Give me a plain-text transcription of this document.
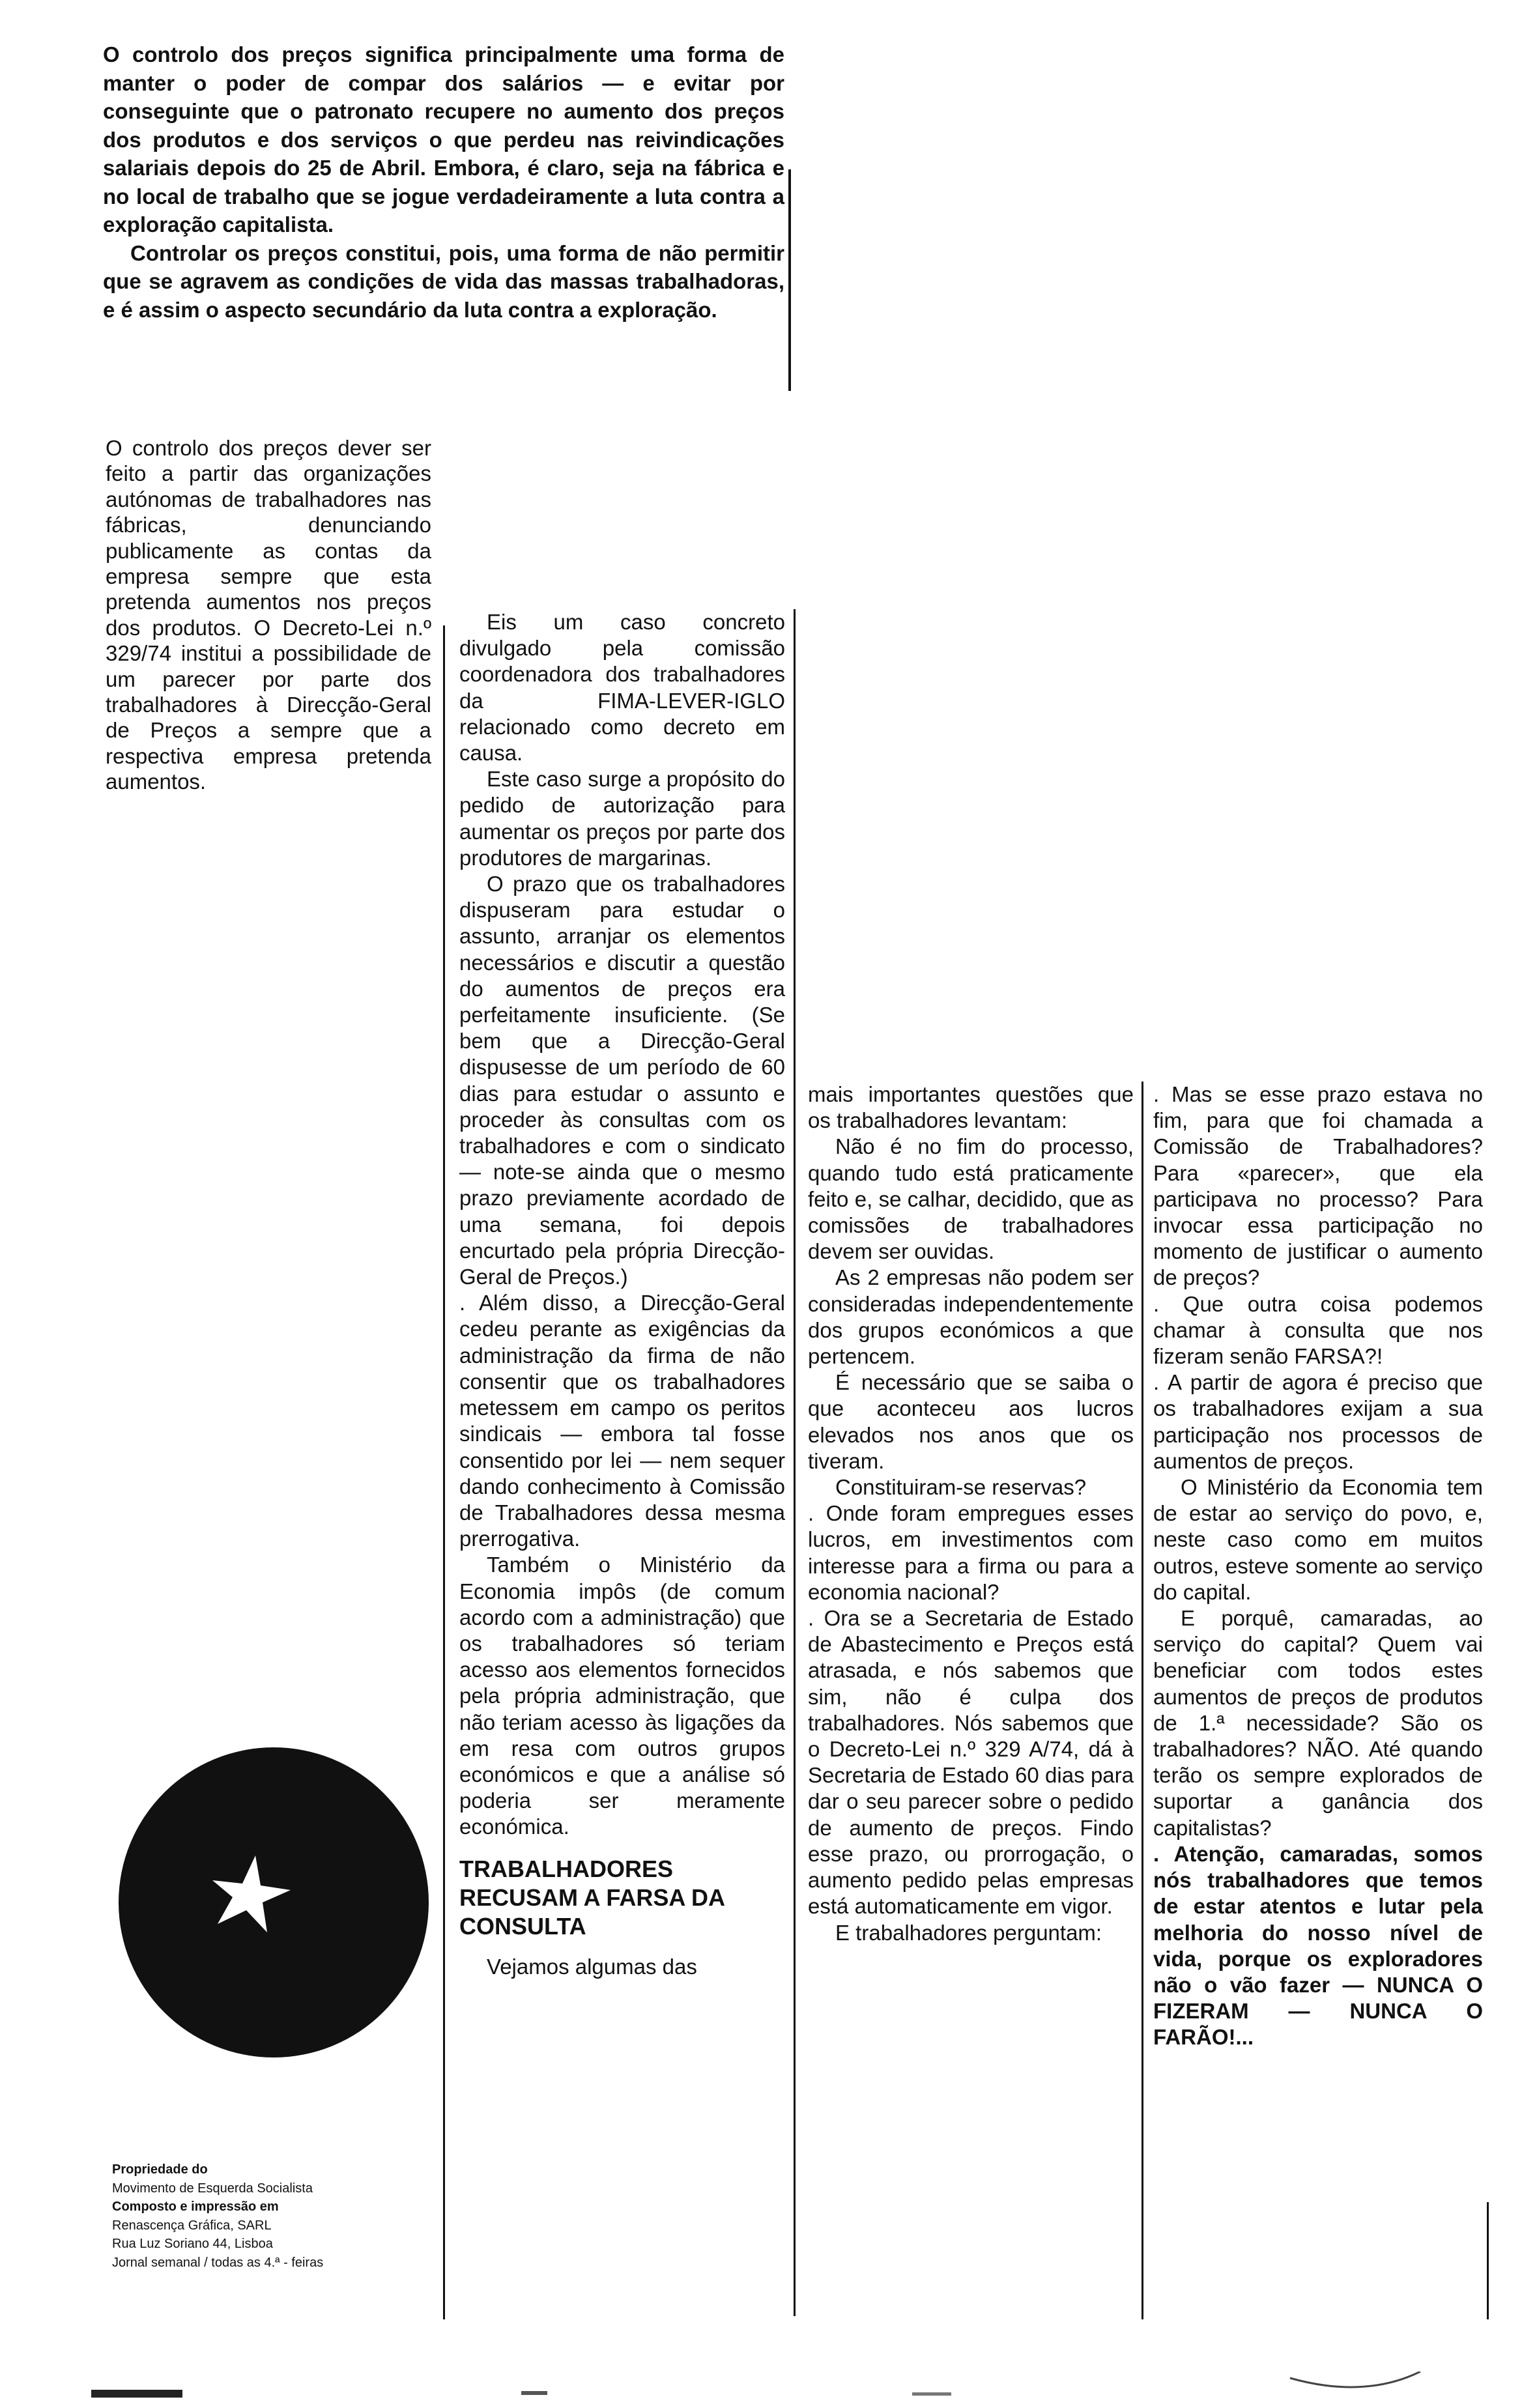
O controlo dos preços significa principalmente uma forma de manter o poder de compar dos salários — e evitar por conseguinte que o patronato recupere no aumento dos preços dos produtos e dos serviços o que perdeu nas reivindicações salariais depois do 25 de Abril. Embora, é claro, seja na fábrica e no local de trabalho que se jogue verdadeiramente a luta contra a exploração capitalista.

Controlar os preços constitui, pois, uma forma de não permitir que se agravem as condições de vida das massas trabalhadoras, e é assim o aspecto secundário da luta contra a exploração.

O controlo dos preços dever ser feito a partir das organizações autónomas de trabalhadores nas fábricas, denunciando publicamente as contas da empresa sempre que esta pretenda aumentos nos preços dos produtos. O Decreto-Lei n.º 329/74 institui a possibilidade de um parecer por parte dos trabalhadores à Direcção-Geral de Preços a sempre que a respectiva empresa pretenda aumentos.

Eis um caso concreto divulgado pela comissão coordenadora dos trabalhadores da FIMA-LEVER-IGLO relacionado como decreto em causa.

Este caso surge a propósito do pedido de autorização para aumentar os preços por parte dos produtores de margarinas.

O prazo que os trabalhadores dispuseram para estudar o assunto, arranjar os elementos necessários e discutir a questão do aumentos de preços era perfeitamente insuficiente. (Se bem que a Direcção-Geral dispusesse de um período de 60 dias para estudar o assunto e proceder às consultas com os trabalhadores e com o sindicato — note-se ainda que o mesmo prazo previamente acordado de uma semana, foi depois encurtado pela própria Direcção-Geral de Preços.)

. Além disso, a Direcção-Geral cedeu perante as exigências da administração da firma de não consentir que os trabalhadores metessem em campo os peritos sindicais — embora tal fosse consentido por lei — nem sequer dando conhecimento à Comissão de Trabalhadores dessa mesma prerrogativa.

Também o Ministério da Economia impôs (de comum acordo com a administração) que os trabalhadores só teriam acesso aos elementos fornecidos pela própria administração, que não teriam acesso às ligações da em resa com outros grupos económicos e que a análise só poderia ser meramente económica.

TRABALHADORES RECUSAM A FARSA DA CONSULTA

Vejamos algumas das

mais importantes questões que os trabalhadores levantam:

Não é no fim do processo, quando tudo está praticamente feito e, se calhar, decidido, que as comissões de trabalhadores devem ser ouvidas.

As 2 empresas não podem ser consideradas independentemente dos grupos económicos a que pertencem.

É necessário que se saiba o que aconteceu aos lucros elevados nos anos que os tiveram.

Constituiram-se reservas?

. Onde foram empregues esses lucros, em investimentos com interesse para a firma ou para a economia nacional?

. Ora se a Secretaria de Estado de Abastecimento e Preços está atrasada, e nós sabemos que sim, não é culpa dos trabalhadores. Nós sabemos que o Decreto-Lei n.º 329 A/74, dá à Secretaria de Estado 60 dias para dar o seu parecer sobre o pedido de aumento de preços. Findo esse prazo, ou prorrogação, o aumento pedido pelas empresas está automaticamente em vigor.

E trabalhadores perguntam:

. Mas se esse prazo estava no fim, para que foi chamada a Comissão de Trabalhadores? Para «parecer», que ela participava no processo? Para invocar essa participação no momento de justificar o aumento de preços?

. Que outra coisa podemos chamar à consulta que nos fizeram senão FARSA?!

. A partir de agora é preciso que os trabalhadores exijam a sua participação nos processos de aumentos de preços.

O Ministério da Economia tem de estar ao serviço do povo, e, neste caso como em muitos outros, esteve somente ao serviço do capital.

E porquê, camaradas, ao serviço do capital? Quem vai beneficiar com todos estes aumentos de preços de produtos de 1.ª necessidade? São os trabalhadores? NÃO. Até quando terão os sempre explorados de suportar a ganância dos capitalistas?

. Atenção, camaradas, somos nós trabalhadores que temos de estar atentos e lutar pela melhoria do nosso nível de vida, porque os exploradores não o vão fazer — NUNCA O FIZERAM — NUNCA O FARÃO!...

Propriedade do

Movimento de Esquerda Socialista

Composto e impressão em

Renascença Gráfica, SARL

Rua Luz Soriano 44, Lisboa

Jornal semanal / todas as 4.ª - feiras
